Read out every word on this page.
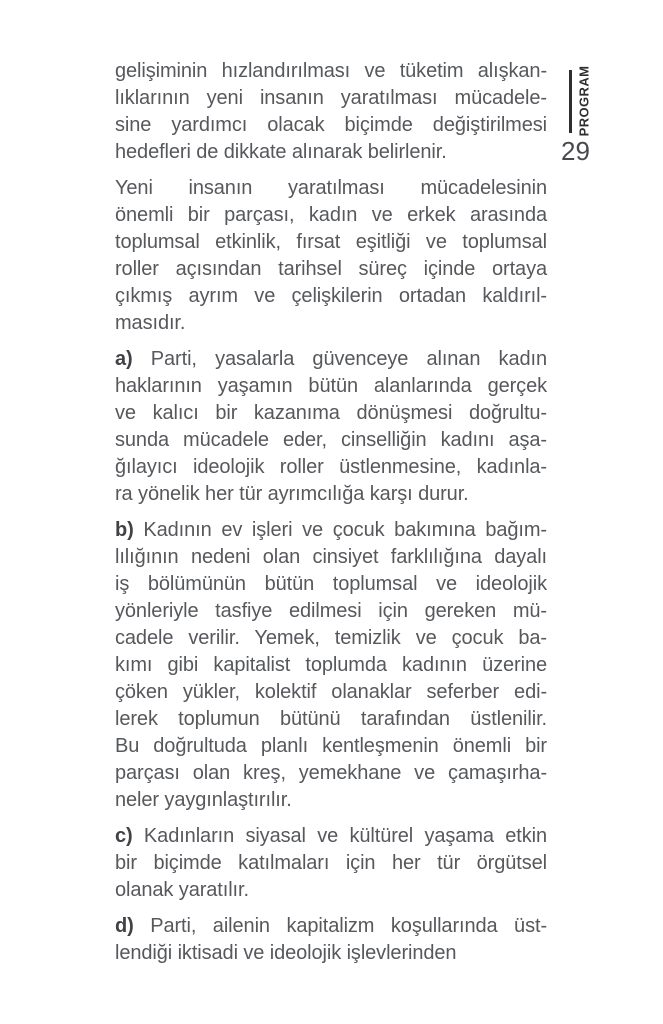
gelişiminin hızlandırılması ve tüketim alışkan-
lıklarının yeni insanın yaratılması mücadele-
sine yardımcı olacak biçimde değiştirilmesi
hedefleri de dikkate alınarak belirlenir.
Yeni insanın yaratılması mücadelesinin
önemli bir parçası, kadın ve erkek arasında
toplumsal etkinlik, fırsat eşitliği ve toplumsal
roller açısından tarihsel süreç içinde ortaya
çıkmış ayrım ve çelişkilerin ortadan kaldırıl-
masıdır.
a) Parti, yasalarla güvenceye alınan kadın
haklarının yaşamın bütün alanlarında gerçek
ve kalıcı bir kazanıma dönüşmesi doğrultu-
sunda mücadele eder, cinselliğin kadını aşa-
ğılayıcı ideolojik roller üstlenmesine, kadınla-
ra yönelik her tür ayrımcılığa karşı durur.
b) Kadının ev işleri ve çocuk bakımına bağım-
lılığının nedeni olan cinsiyet farklılığına dayalı
iş bölümünün bütün toplumsal ve ideolojik
yönleriyle tasfiye edilmesi için gereken mü-
cadele verilir. Yemek, temizlik ve çocuk ba-
kımı gibi kapitalist toplumda kadının üzerine
çöken yükler, kolektif olanaklar seferber edi-
lerek toplumun bütünü tarafından üstlenilir.
Bu doğrultuda planlı kentleşmenin önemli bir
parçası olan kreş, yemekhane ve çamaşırha-
neler yaygınlaştırılır.
c) Kadınların siyasal ve kültürel yaşama etkin
bir biçimde katılmaları için her tür örgütsel
olanak yaratılır.
d) Parti, ailenin kapitalizm koşullarında üst-
lendiği iktisadi ve ideolojik işlevlerinden
PROGRAM
29
